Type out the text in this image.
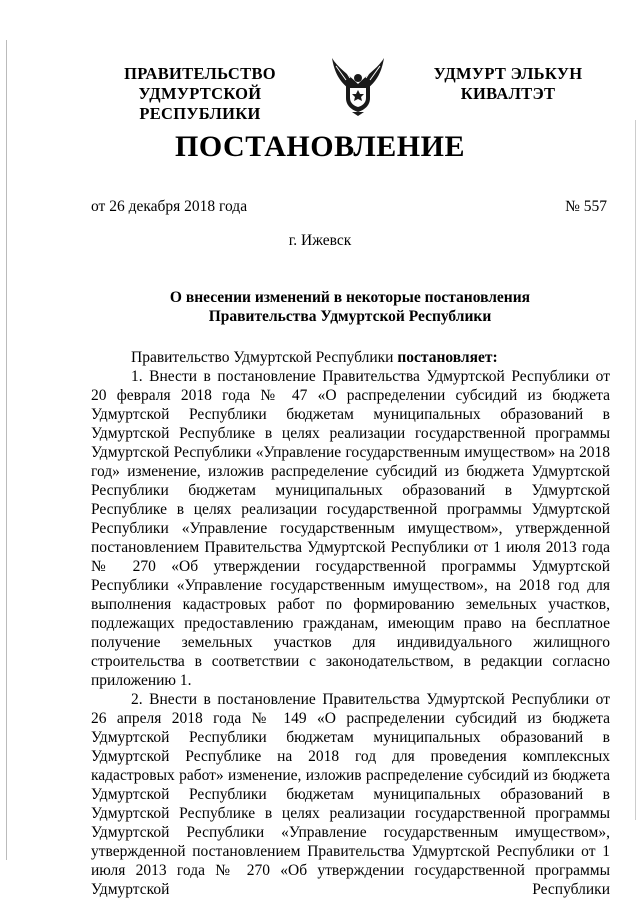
ПРАВИТЕЛЬСТВО
УДМУРТСКОЙ РЕСПУБЛИКИ
УДМУРТ ЭЛЬКУН
КИВАЛТЭТ
ПОСТАНОВЛЕНИЕ
от 26 декабря 2018 года	№ 557
г. Ижевск
О внесении изменений в некоторые постановления
Правительства Удмуртской Республики

Правительство Удмуртской Республики постановляет:

1. Внести в постановление Правительства Удмуртской Республики от 20 февраля 2018 года № 47 «О распределении субсидий из бюджета Удмуртской Республики бюджетам муниципальных образований в Удмуртской Республике в целях реализации государственной программы Удмуртской Республики «Управление государственным имуществом» на 2018 год» изменение, изложив распределение субсидий из бюджета Удмуртской Республики бюджетам муниципальных образований в Удмуртской Республике в целях реализации государственной программы Удмуртской Республики «Управление государственным имуществом», утвержденной постановлением Правительства Удмуртской Республики от 1 июля 2013 года № 270 «Об утверждении государственной программы Удмуртской Республики «Управление государственным имуществом», на 2018 год для выполнения кадастровых работ по формированию земельных участков, подлежащих предоставлению гражданам, имеющим право на бесплатное получение земельных участков для индивидуального жилищного строительства в соответствии с законодательством, в редакции согласно приложению 1.

2. Внести в постановление Правительства Удмуртской Республики от 26 апреля 2018 года № 149 «О распределении субсидий из бюджета Удмуртской Республики бюджетам муниципальных образований в Удмуртской Республике на 2018 год для проведения комплексных кадастровых работ» изменение, изложив распределение субсидий из бюджета Удмуртской Республики бюджетам муниципальных образований в Удмуртской Республике в целях реализации государственной программы Удмуртской Республики «Управление государственным имуществом», утвержденной постановлением Правительства Удмуртской Республики от 1 июля 2013 года № 270 «Об утверждении государственной программы Удмуртской Республики
